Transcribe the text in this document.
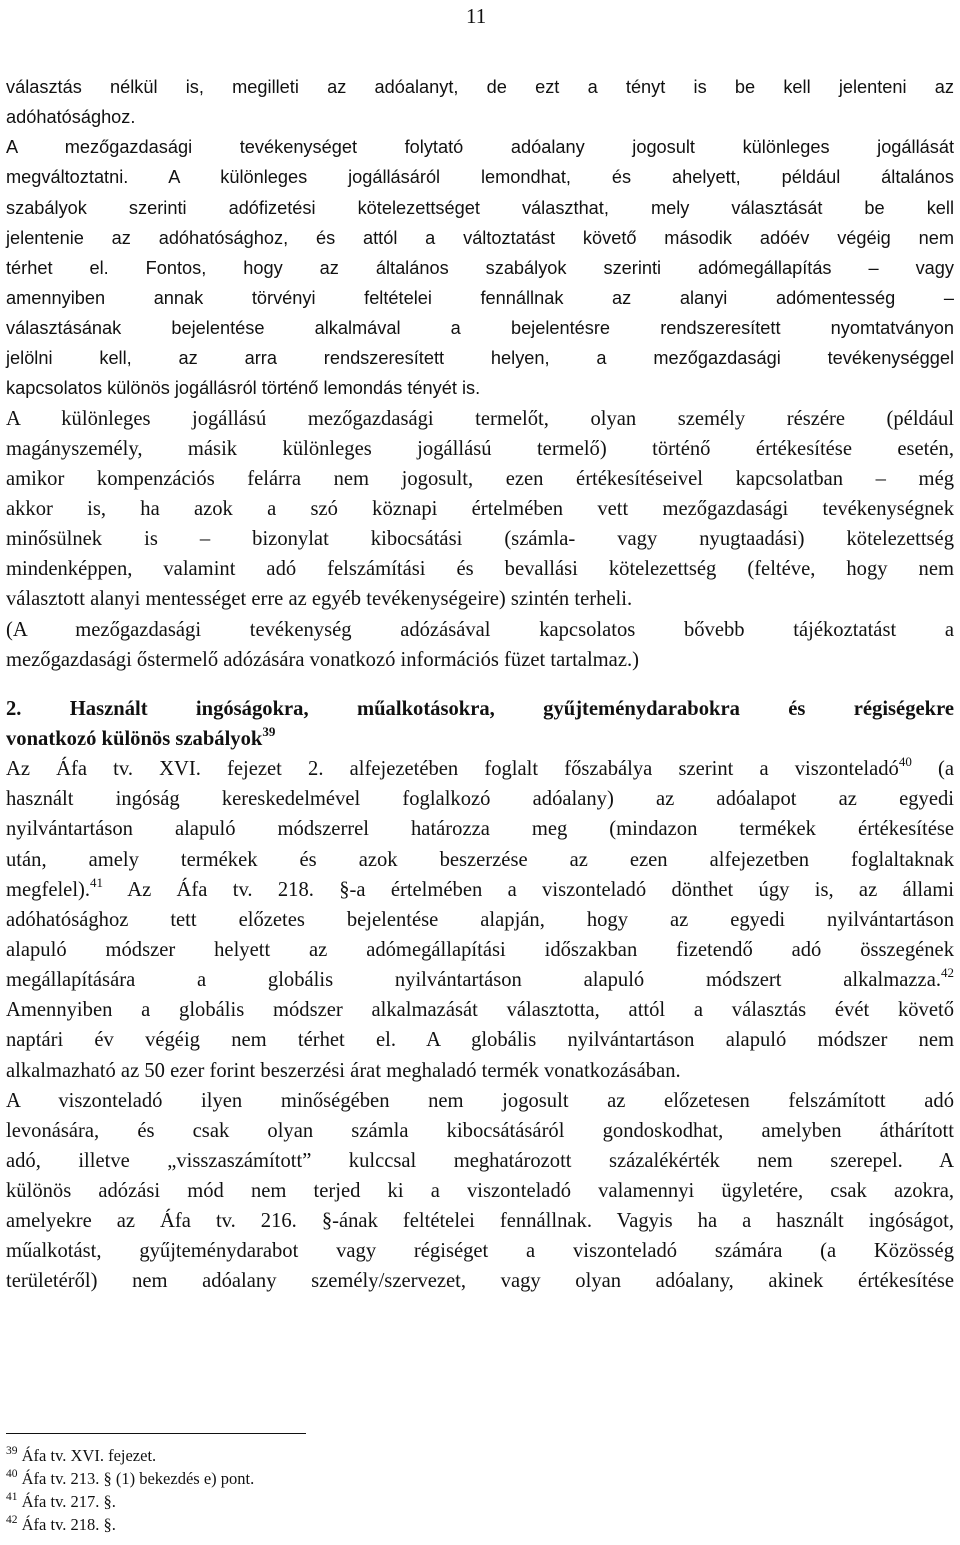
11
választás nélkül is, megilleti az adóalanyt, de ezt a tényt is be kell jelenteni az
adóhatósághoz.
A mezőgazdasági tevékenységet folytató adóalany jogosult különleges jogállását
megváltoztatni. A különleges jogállásáról lemondhat, és ahelyett, például általános
szabályok szerinti adófizetési kötelezettséget választhat, mely választását be kell
jelentenie az adóhatósághoz, és attól a változtatást követő második adóév végéig nem
térhet el. Fontos, hogy az általános szabályok szerinti adómegállapítás – vagy
amennyiben annak törvényi feltételei fennállnak az alanyi adómentesség –
választásának bejelentése alkalmával a bejelentésre rendszeresített nyomtatványon
jelölni kell, az arra rendszeresített helyen, a mezőgazdasági tevékenységgel
kapcsolatos különös jogállásról történő lemondás tényét is.
A különleges jogállású mezőgazdasági termelőt, olyan személy részére (például
magányszemély, másik különleges jogállású termelő) történő értékesítése esetén,
amikor kompenzációs felárra nem jogosult, ezen értékesítéseivel kapcsolatban – még
akkor is, ha azok a szó köznapi értelmében vett mezőgazdasági tevékenységnek
minősülnek is – bizonylat kibocsátási (számla- vagy nyugtaadási) kötelezettség
mindenképpen, valamint adó felszámítási és bevallási kötelezettség (feltéve, hogy nem
választott alanyi mentességet erre az egyéb tevékenységeire) szintén terheli.
(A mezőgazdasági tevékenység adózásával kapcsolatos bővebb tájékoztatást a
mezőgazdasági őstermelő adózására vonatkozó információs füzet tartalmaz.)
2. Használt ingóságokra, műalkotásokra, gyűjteménydarabokra és régiségekre
vonatkozó különös szabályok$^{39}$
Az Áfa tv. XVI. fejezet 2. alfejezetében foglalt főszabálya szerint a viszonteladó$^{40}$ (a
használt ingóság kereskedelmével foglalkozó adóalany) az adóalapot az egyedi
nyilvántartáson alapuló módszerrel határozza meg (mindazon termékek értékesítése
után, amely termékek és azok beszerzése az ezen alfejezetben foglaltaknak
megfelel).$^{41}$ Az Áfa tv. 218. §-a értelmében a viszonteladó dönthet úgy is, az állami
adóhatósághoz tett előzetes bejelentése alapján, hogy az egyedi nyilvántartáson
alapuló módszer helyett az adómegállapítási időszakban fizetendő adó összegének
megállapítására a globális nyilvántartáson alapuló módszert alkalmazza.$^{42}$
Amennyiben a globális módszer alkalmazását választotta, attól a választás évét követő
naptári év végéig nem térhet el. A globális nyilvántartáson alapuló módszer nem
alkalmazható az 50 ezer forint beszerzési árat meghaladó termék vonatkozásában.
A viszonteladó ilyen minőségében nem jogosult az előzetesen felszámított adó
levonására, és csak olyan számla kibocsátásáról gondoskodhat, amelyben áthárított
adó, illetve „visszaszámított” kulccsal meghatározott százalékérték nem szerepel. A
különös adózási mód nem terjed ki a viszonteladó valamennyi ügyletére, csak azokra,
amelyekre az Áfa tv. 216. §-ának feltételei fennállnak. Vagyis ha a használt ingóságot,
műalkotást, gyűjteménydarabot vagy régiséget a viszonteladó számára (a Közösség
területéről) nem adóalany személy/szervezet, vagy olyan adóalany, akinek értékesítése
$^{39}$ Áfa tv. XVI. fejezet.
$^{40}$ Áfa tv. 213. § (1) bekezdés e) pont.
$^{41}$ Áfa tv. 217. §.
$^{42}$ Áfa tv. 218. §.
